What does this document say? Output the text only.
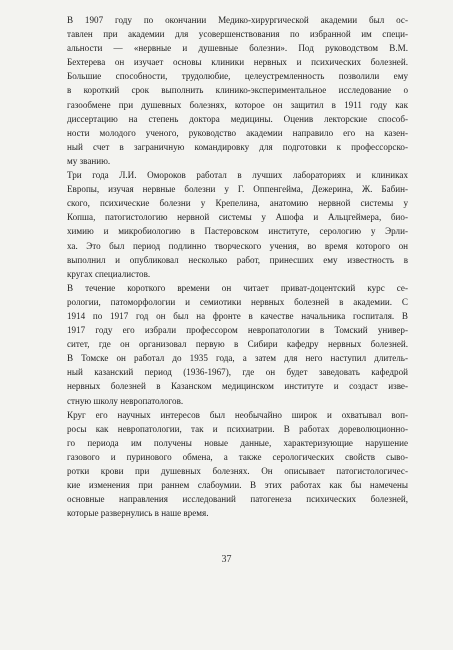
В 1907 году по окончании Медико-хирургической академии был ос-
тавлен при академии для усовершенствования по избранной им специ-
альности — «нервные и душевные болезни». Под руководством В.М.
Бехтерева он изучает основы клиники нервных и психических болезней.
Большие способности, трудолюбие, целеустремленность позволили ему
в короткий срок выполнить клинико-экспериментальное исследование о
газообмене при душевных болезнях, которое он защитил в 1911 году как
диссертацию на степень доктора медицины. Оценив лекторские способ-
ности молодого ученого, руководство академии направило его на казен-
ный счет в заграничную командировку для подготовки к профессорско-
му званию.
Три года Л.И. Омороков работал в лучших лабораториях и клиниках
Европы, изучая нервные болезни у Г. Оппенгейма, Дежерина, Ж. Бабин-
ского, психические болезни у Крепелина, анатомию нервной системы у
Копша, патогистологию нервной системы у Ашофа и Альцгеймера, био-
химию и микробиологию в Пастеровском институте, серологию у Эрли-
ха. Это был период подлинно творческого учения, во время которого он
выполнил и опубликовал несколько работ, принесших ему известность в
кругах специалистов.
В течение короткого времени он читает приват-доцентский курс се-
рологии, патоморфологии и семиотики нервных болезней в академии. С
1914 по 1917 год он был на фронте в качестве начальника госпиталя. В
1917 году его избрали профессором невропатологии в Томский универ-
ситет, где он организовал первую в Сибири кафедру нервных болезней.
В Томске он работал до 1935 года, а затем для него наступил длитель-
ный казанский период (1936-1967), где он будет заведовать кафедрой
нервных болезней в Казанском медицинском институте и создаст изве-
стную школу невропатологов.
Круг его научных интересов был необычайно широк и охватывал воп-
росы как невропатологии, так и психиатрии. В работах дореволюционно-
го периода им получены новые данные, характеризующие нарушение
газового и пуринового обмена, а также серологических свойств сыво-
ротки крови при душевных болезнях. Он описывает патогистологичес-
кие изменения при раннем слабоумии. В этих работах как бы намечены
основные направления исследований патогенеза психических болезней,
которые развернулись в наше время.
37
